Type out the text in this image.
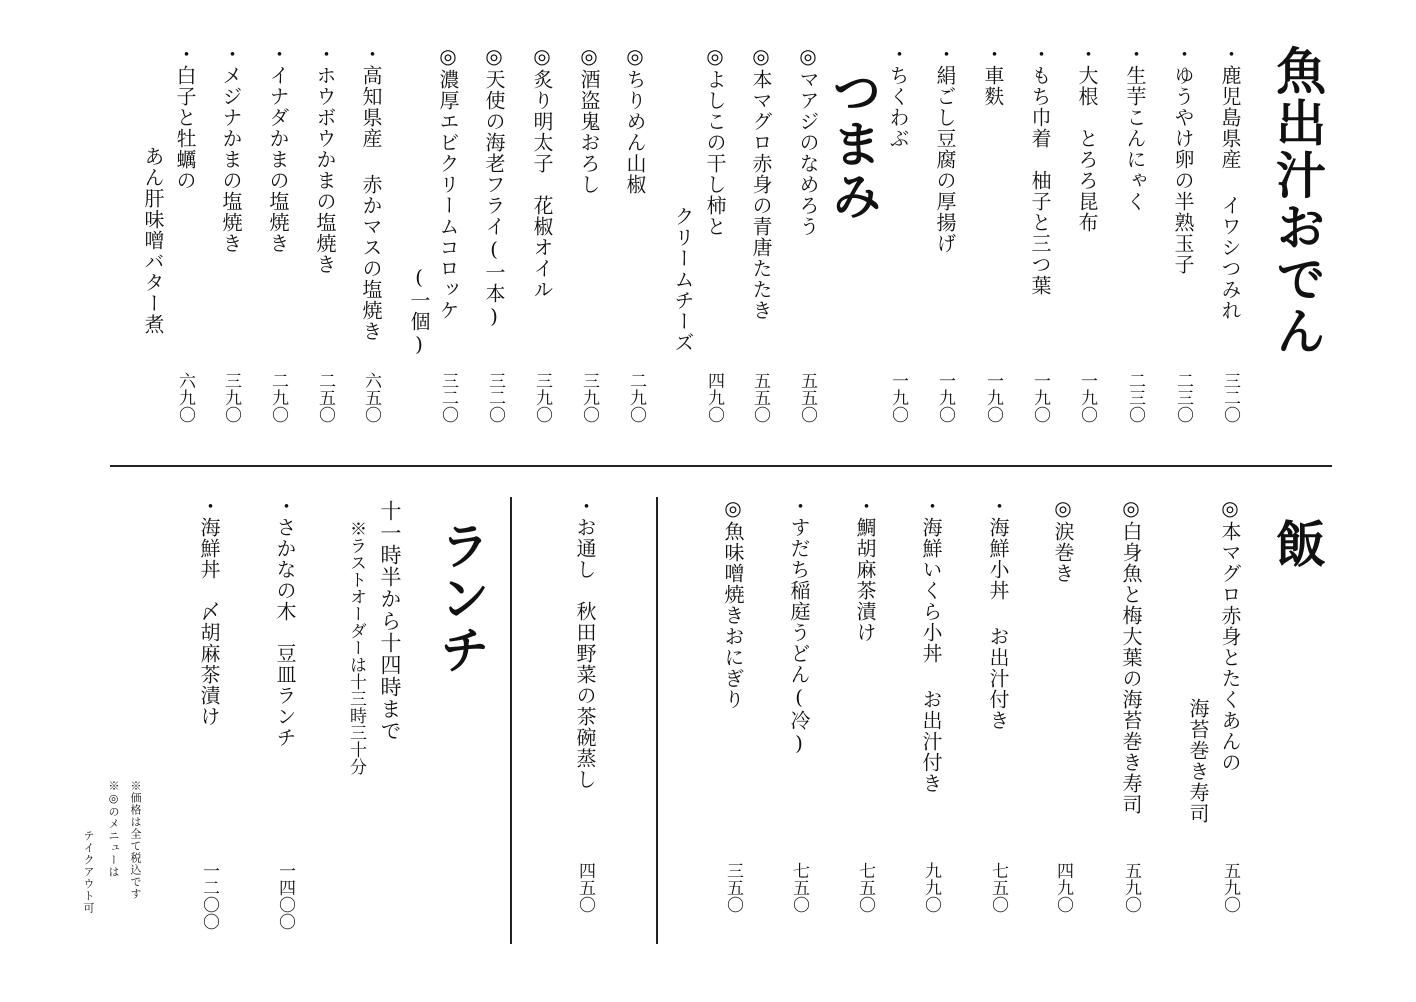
魚出汁おでん
・鹿児島県産 イワシつみれ
三二〇
・ゆうやけ卵の半熟玉子
二三〇
・生芋こんにゃく
二三〇
・大根　とろろ昆布
一九〇
・もち巾着　柚子と三つ葉
一九〇
・車麩
一九〇
・絹ごし豆腐の厚揚げ
一九〇
・ちくわぶ
一九〇
つまみ
◎マアジのなめろう
五五〇
◎本マグロ赤身の青唐たたき
五五〇
◎よしこの干し柿と
クリームチーズ
四九〇
◎ちりめん山椒
二九〇
◎酒盗鬼おろし
三九〇
◎炙り明太子　花椒オイル
三九〇
◎天使の海老フライ(一本)
三二〇
◎濃厚エビクリームコロッケ
(一個)
三二〇
・高知県産 赤かマスの塩焼き
六五〇
・ホウボウかまの塩焼き
二五〇
・イナダかまの塩焼き
二九〇
・メジナかまの塩焼き
三九〇
・白子と牡蠣の
あん肝味噌バター煮
六九〇
飯
◎本マグロ赤身とたくあんの
海苔巻き寿司
五九〇
◎白身魚と梅大葉の海苔巻き寿司
五九〇
◎涙巻き
四九〇
・海鮮小丼 お出汁付き
七五〇
・海鮮いくら小丼 お出汁付き
九九〇
・鯛胡麻茶漬け
七五〇
・すだち稲庭うどん(冷)
七五〇
◎魚味噌焼きおにぎり
三五〇
・お通し　秋田野菜の茶碗蒸し
四五〇
ランチ
十一時半から十四時まで
※ラストオーダーは十三時三十分
・さかなの木　豆皿ランチ
一四〇〇
・海鮮丼　〆胡麻茶漬け
一二〇〇
※価格は全て税込です
※◎のメニューは
テイクアウト可
